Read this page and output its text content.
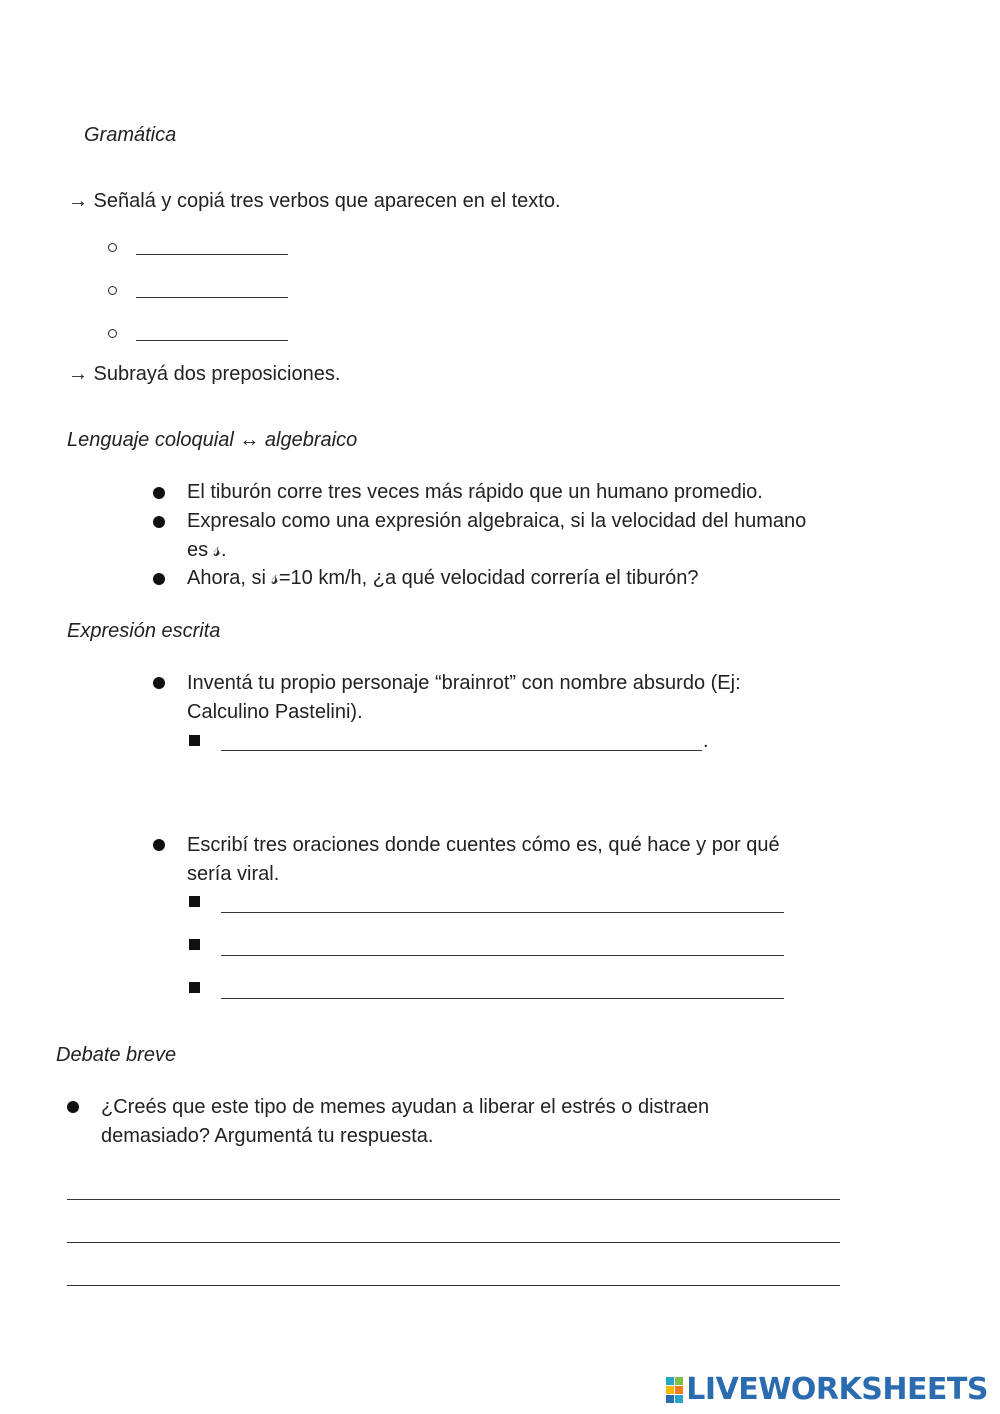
Gramática
→ Señalá y copiá tres verbos que aparecen en el texto.
→ Subrayá dos preposiciones.
Lenguaje coloquial ↔ algebraico
El tiburón corre tres veces más rápido que un humano promedio.
Expresalo como una expresión algebraica, si la velocidad del humano
es 𝓈.
Ahora, si 𝓈=10 km/h, ¿a qué velocidad correría el tiburón?
Expresión escrita
Inventá tu propio personaje “brainrot” con nombre absurdo (Ej:
Calculino Pastelini).
.
Escribí tres oraciones donde cuentes cómo es, qué hace y por qué
sería viral.
Debate breve
¿Creés que este tipo de memes ayudan a liberar el estrés o distraen
demasiado? Argumentá tu respuesta.
LIVEWORKSHEETS
